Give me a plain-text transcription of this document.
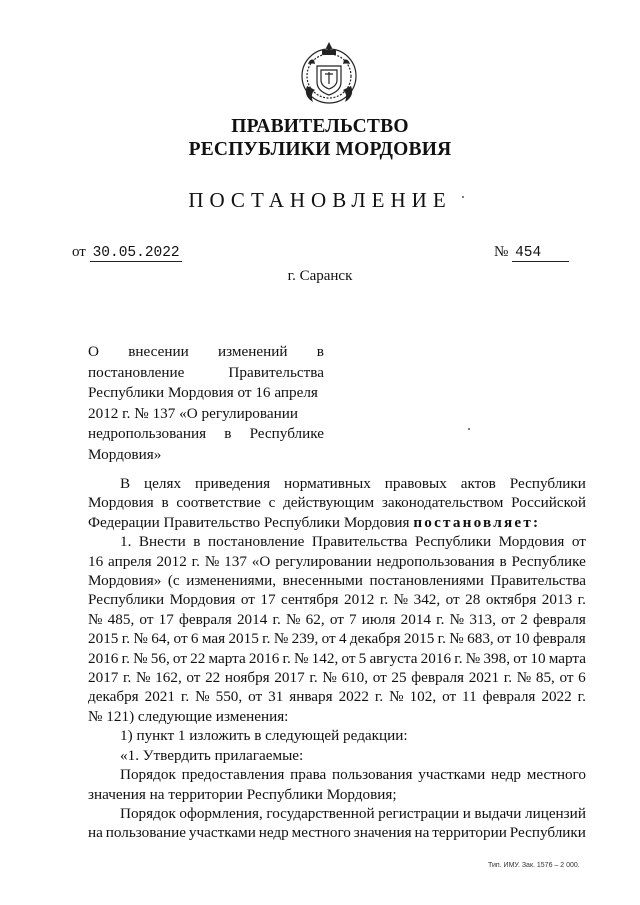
ПРАВИТЕЛЬСТВО
РЕСПУБЛИКИ МОРДОВИЯ
ПОСТАНОВЛЕНИЕ
от 30.05.2022	№ 454
г. Саранск
О внесении изменений в
постановление	Правительства
Республики Мордовия от 16 апреля
2012 г. № 137 «О регулировании
недропользования в Республике
Мордовия»
В целях приведения нормативных правовых актов Республики
Мордовия в соответствие с действующим законодательством Российской
Федерации Правительство Республики Мордовия
постановляет:
1. Внести в постановление Правительства Республики Мордовия от
16 апреля 2012 г. № 137 «О регулировании недропользования в Республике
Мордовия» (с изменениями, внесенными постановлениями Правительства
Республики Мордовия от 17 сентября 2012 г. № 342, от 28 октября 2013 г.
№ 485, от 17 февраля 2014 г. № 62, от 7 июля 2014 г. № 313, от 2 февраля
2015 г. № 64, от 6 мая 2015 г. № 239, от 4 декабря 2015 г. № 683, от 10 февраля
2016 г. № 56, от 22 марта 2016 г. № 142, от 5 августа 2016 г. № 398, от 10 марта
2017 г. № 162, от 22 ноября 2017 г. № 610, от 25 февраля 2021 г. № 85, от 6
декабря 2021 г. № 550, от 31 января 2022 г. № 102, от 11 февраля 2022 г.
№ 121) следующие изменения:
1) пункт 1 изложить в следующей редакции:
«1. Утвердить прилагаемые:
Порядок предоставления права пользования участками недр местного
значения на территории Республики Мордовия;
Порядок оформления, государственной регистрации и выдачи лицензий
на пользование участками недр местного значения на территории Республики
Тип. ИМУ. Зак. 1576 – 2 000.
